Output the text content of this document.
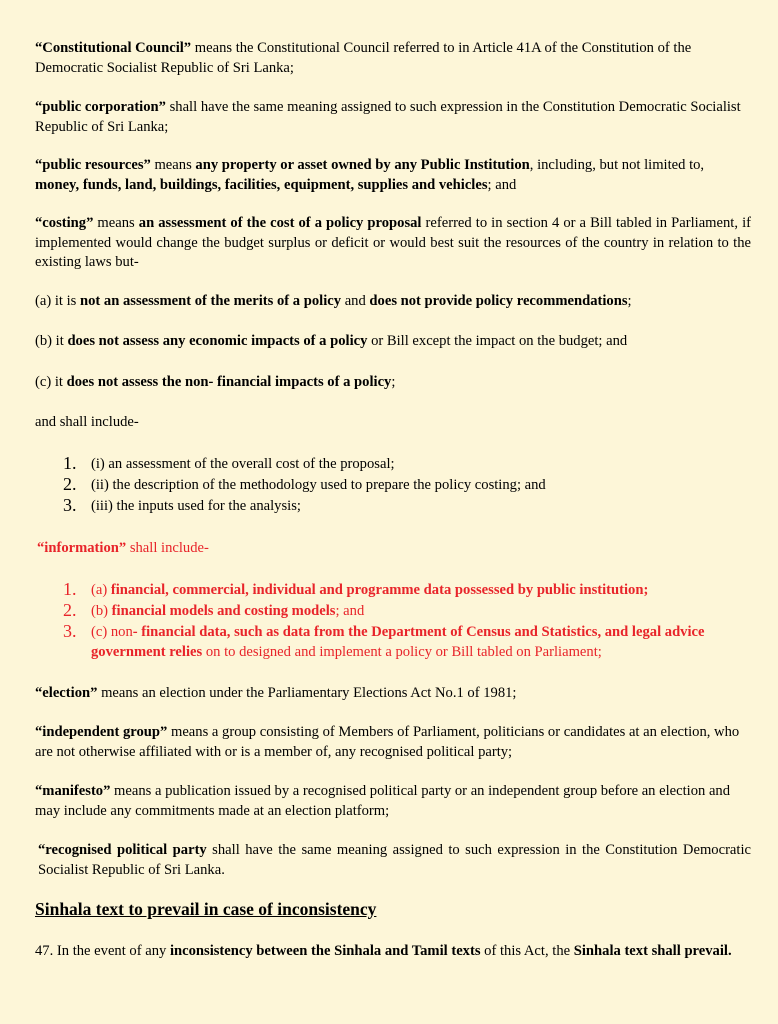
“Constitutional Council” means the Constitutional Council referred to in Article 41A of the Constitution of the Democratic Socialist Republic of Sri Lanka;

“public corporation” shall have the same meaning assigned to such expression in the Constitution Democratic Socialist Republic of Sri Lanka;

“public resources” means any property or asset owned by any Public Institution, including, but not limited to, money, funds, land, buildings, facilities, equipment, supplies and vehicles; and

“costing” means an assessment of the cost of a policy proposal referred to in section 4 or a Bill tabled in Parliament, if implemented would change the budget surplus or deficit or would best suit the resources of the country in relation to the existing laws but-

(a) it is not an assessment of the merits of a policy and does not provide policy recommendations;

(b) it does not assess any economic impacts of a policy or Bill except the impact on the budget; and

(c) it does not assess the non- financial impacts of a policy;

and shall include-

1. (i) an assessment of the overall cost of the proposal;
2. (ii) the description of the methodology used to prepare the policy costing; and
3. (iii) the inputs used for the analysis;

“information” shall include-

1. (a) financial, commercial, individual and programme data possessed by public institution;
2. (b) financial models and costing models; and
3. (c) non- financial data, such as data from the Department of Census and Statistics, and legal advice government relies on to designed and implement a policy or Bill tabled on Parliament;

“election” means an election under the Parliamentary Elections Act No.1 of 1981;

“independent group” means a group consisting of Members of Parliament, politicians or candidates at an election, who are not otherwise affiliated with or is a member of, any recognised political party;

“manifesto” means a publication issued by a recognised political party or an independent group before an election and may include any commitments made at an election platform;

“recognised political party shall have the same meaning assigned to such expression in the Constitution Democratic Socialist Republic of Sri Lanka.

Sinhala text to prevail in case of inconsistency

47. In the event of any inconsistency between the Sinhala and Tamil texts of this Act, the Sinhala text shall prevail.
